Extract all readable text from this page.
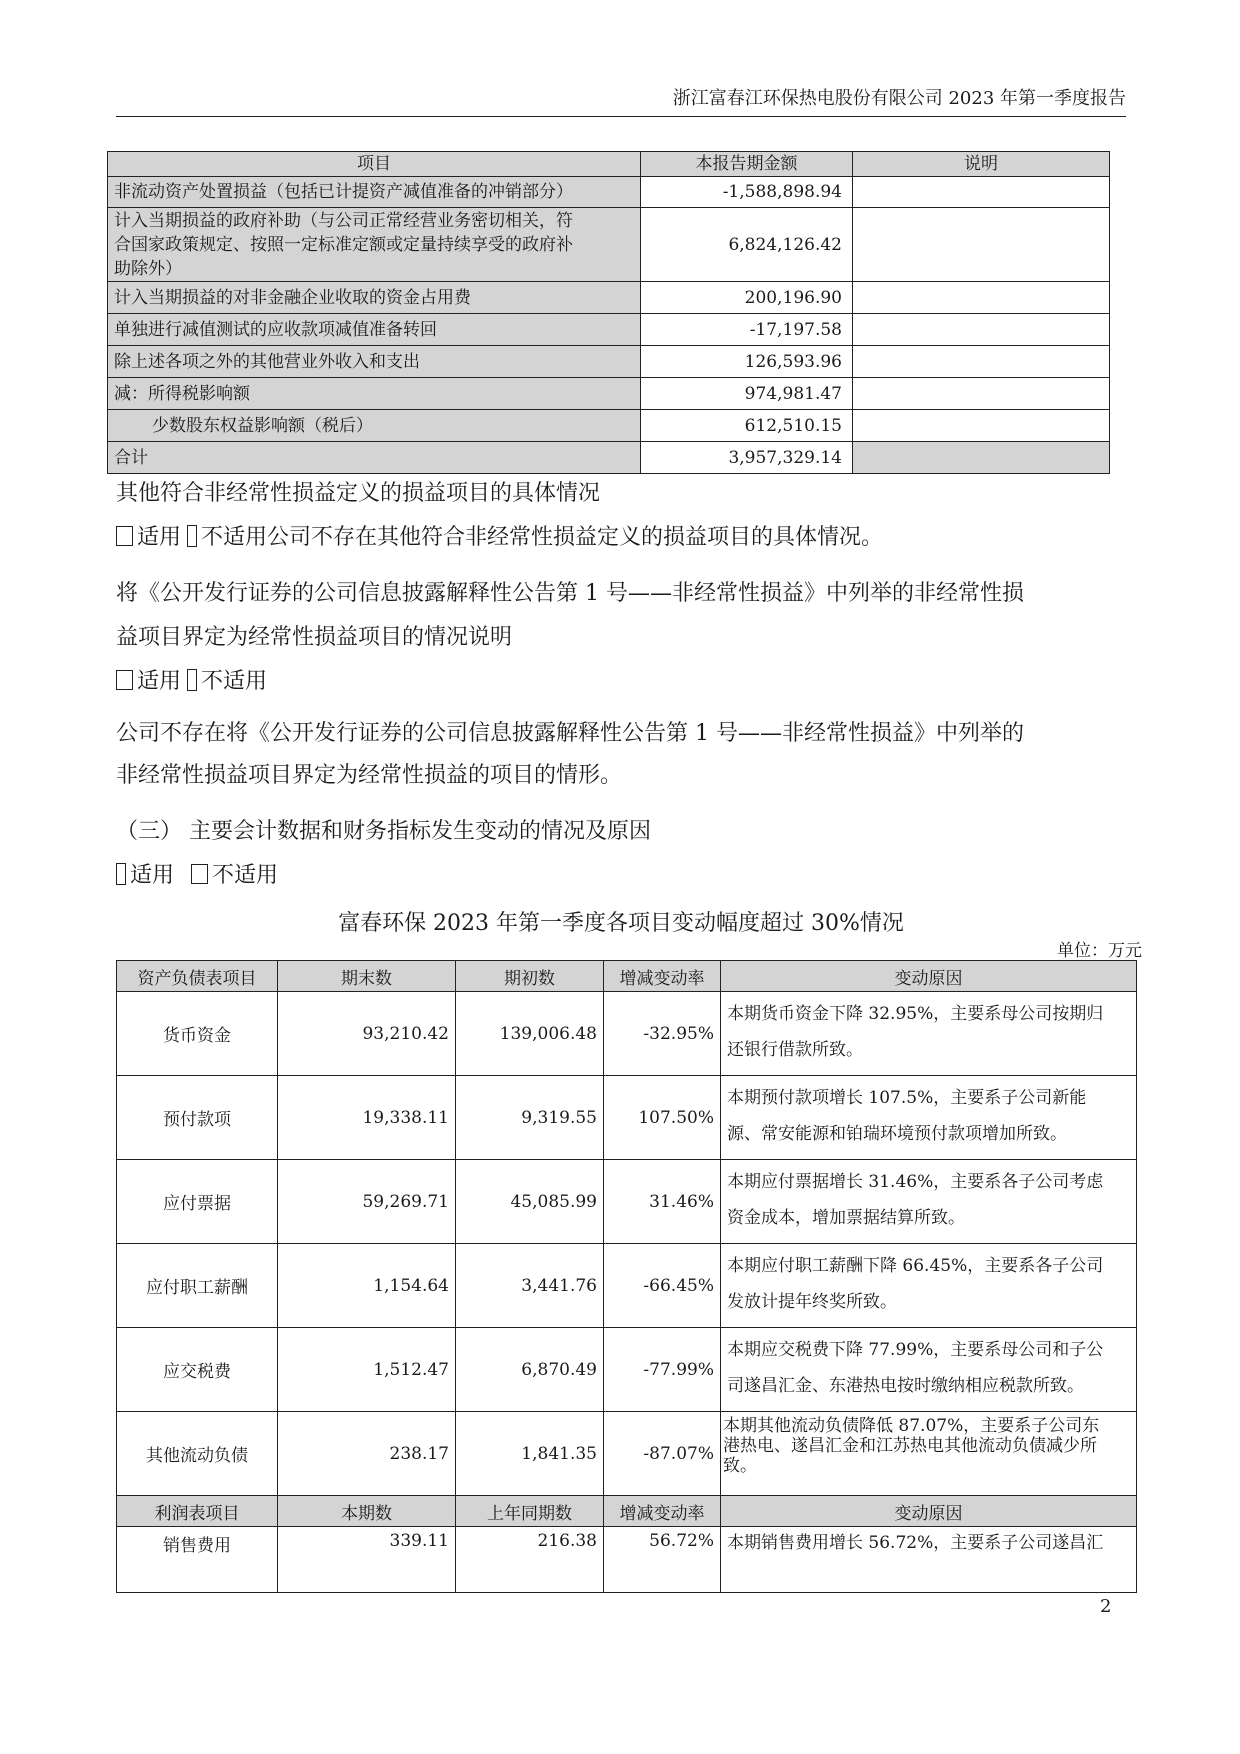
浙江富春江环保热电股份有限公司 2023 年第一季度报告
项目	本报告期金额	说明
非流动资产处置损益（包括已计提资产减值准备的冲销部分）	-1,588,898.94	

计入当期损益的政府补助（与公司正常经营业务密切相关，符
合国家政策规定、按照一定标准定额或定量持续享受的政府补
助除外）	6,824,126.42	
计入当期损益的对非金融企业收取的资金占用费	200,196.90	
单独进行减值测试的应收款项减值准备转回	-17,197.58	
除上述各项之外的其他营业外收入和支出	126,593.96	
减：所得税影响额	974,981.47	
少数股东权益影响额（税后）	612,510.15	
合计	3,957,329.14	
其他符合非经常性损益定义的损益项目的具体情况
适用 不适用公司不存在其他符合非经常性损益定义的损益项目的具体情况。
将《公开发行证券的公司信息披露解释性公告第 1 号——非经常性损益》中列举的非经常性损
益项目界定为经常性损益项目的情况说明
适用 不适用
公司不存在将《公开发行证券的公司信息披露解释性公告第 1 号——非经常性损益》中列举的
非经常性损益项目界定为经常性损益的项目的情形。
（三） 主要会计数据和财务指标发生变动的情况及原因
适用 不适用
富春环保 2023 年第一季度各项目变动幅度超过 30%情况
单位：万元
资产负债表项目	期末数	期初数	增减变动率	变动原因
货币资金	93,210.42	139,006.48	-32.95%	本期货币资金下降 32.95%，主要系母公司按期归
还银行借款所致。

预付款项	19,338.11	9,319.55	107.50%	本期预付款项增长 107.5%，主要系子公司新能
源、常安能源和铂瑞环境预付款项增加所致。

应付票据	59,269.71	45,085.99	31.46%	本期应付票据增长 31.46%，主要系各子公司考虑
资金成本，增加票据结算所致。

应付职工薪酬	1,154.64	3,441.76	-66.45%	本期应付职工薪酬下降 66.45%，主要系各子公司
发放计提年终奖所致。

应交税费	1,512.47	6,870.49	-77.99%	本期应交税费下降 77.99%，主要系母公司和子公
司遂昌汇金、东港热电按时缴纳相应税款所致。

其他流动负债	238.17	1,841.35	-87.07%	本期其他流动负债降低 87.07%，主要系子公司东
港热电、遂昌汇金和江苏热电其他流动负债减少所
致。

利润表项目	本期数	上年同期数	增减变动率	变动原因
销售费用	339.11	216.38	56.72%	本期销售费用增长 56.72%，主要系子公司遂昌汇
2
